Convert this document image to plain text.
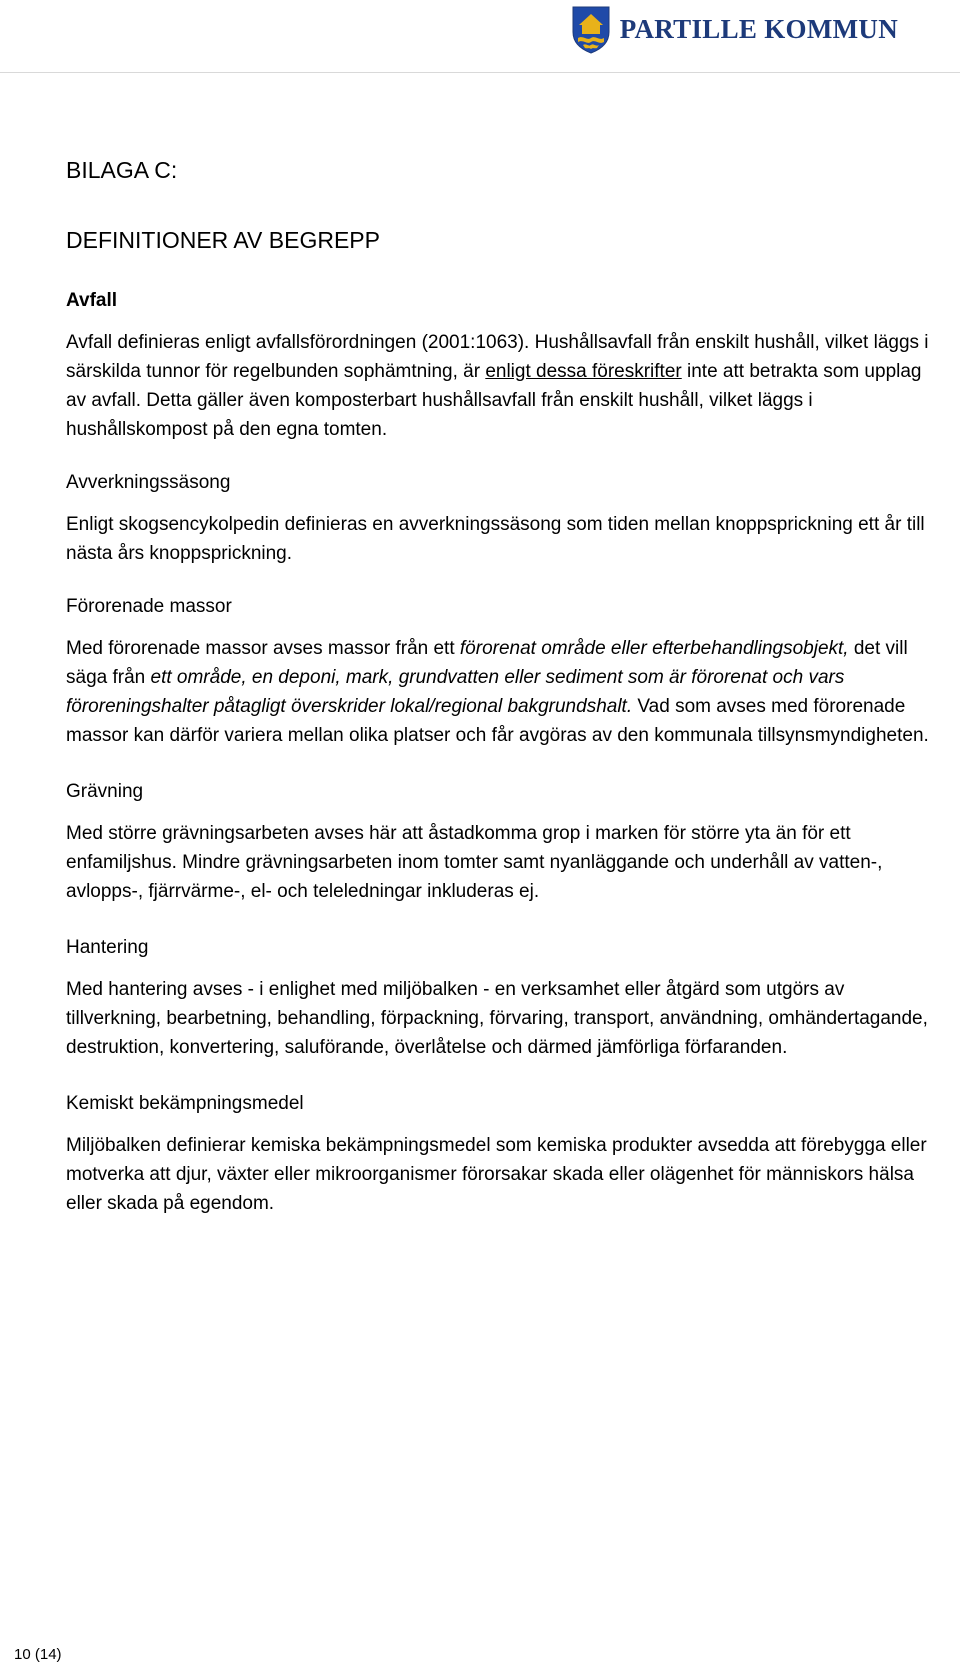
PARTILLE KOMMUN
BILAGA C:
DEFINITIONER AV BEGREPP
Avfall

Avfall definieras enligt avfallsförordningen (2001:1063). Hushållsavfall från enskilt hushåll, vilket läggs i särskilda tunnor för regelbunden sophämtning, är enligt dessa föreskrifter inte att betrakta som upplag av avfall. Detta gäller även komposterbart hushållsavfall från enskilt hushåll, vilket läggs i hushållskompost på den egna tomten.

Avverkningssäsong

Enligt skogsencykolpedin definieras en avverkningssäsong som tiden mellan knoppsprickning ett år till nästa års knoppsprickning.

Förorenade massor

Med förorenade massor avses massor från ett förorenat område eller efterbehandlingsobjekt, det vill säga från ett område, en deponi, mark, grundvatten eller sediment som är förorenat och vars föroreningshalter påtagligt överskrider lokal/regional bakgrundshalt. Vad som avses med förorenade massor kan därför variera mellan olika platser och får avgöras av den kommunala tillsynsmyndigheten.

Grävning

Med större grävningsarbeten avses här att åstadkomma grop i marken för större yta än för ett enfamiljshus. Mindre grävningsarbeten inom tomter samt nyanläggande och underhåll av vatten-, avlopps-, fjärrvärme-, el- och teleledningar inkluderas ej.

Hantering

Med hantering avses - i enlighet med miljöbalken - en verksamhet eller åtgärd som utgörs av tillverkning, bearbetning, behandling, förpackning, förvaring, transport, användning, omhändertagande, destruktion, konvertering, saluförande, överlåtelse och därmed jämförliga förfaranden.

Kemiskt bekämpningsmedel

Miljöbalken definierar kemiska bekämpningsmedel som kemiska produkter avsedda att förebygga eller motverka att djur, växter eller mikroorganismer förorsakar skada eller olägenhet för människors hälsa eller skada på egendom.

10 (14)
